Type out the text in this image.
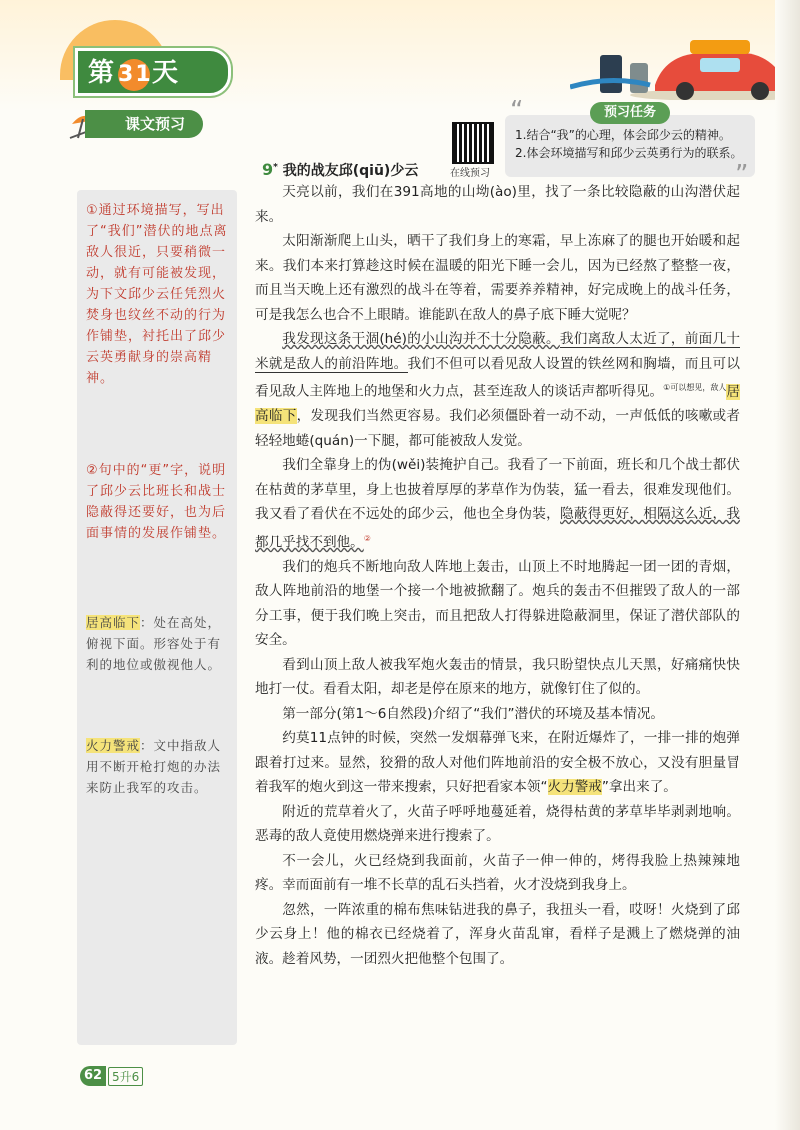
第31天
课文预习
在线预习
“
”
预习任务
1.结合“我”的心理，体会邱少云的精神。
2.体会环境描写和邱少云英勇行为的联系。
9* 我的战友邱(qiū)少云
①通过环境描写，写出了“我们”潜伏的地点离敌人很近，只要稍微一动，就有可能被发现，为下文邱少云任凭烈火焚身也纹丝不动的行为作铺垫，衬托出了邱少云英勇献身的崇高精神。
②句中的“更”字，说明了邱少云比班长和战士隐蔽得还要好，也为后面事情的发展作铺垫。
居高临下：处在高处，俯视下面。形容处于有利的地位或傲视他人。
火力警戒：文中指敌人用不断开枪打炮的办法来防止我军的攻击。

天亮以前，我们在391高地的山坳(ào)里，找了一条比较隐蔽的山沟潜伏起来。

太阳渐渐爬上山头，晒干了我们身上的寒霜，早上冻麻了的腿也开始暖和起来。我们本来打算趁这时候在温暖的阳光下睡一会儿，因为已经熬了整整一夜，而且当天晚上还有激烈的战斗在等着，需要养养精神，好完成晚上的战斗任务，可是我怎么也合不上眼睛。谁能趴在敌人的鼻子底下睡大觉呢？

我发现这条干涸(hé)的小山沟并不十分隐蔽。我们离敌人太近了，前面几十米就是敌人的前沿阵地。我们不但可以看见敌人设置的铁丝网和胸墙，而且可以看见敌人主阵地上的地堡和火力点，甚至连敌人的谈话声都听得见。$^{①可以想见,敌人}$居高临下，发现我们当然更容易。我们必须僵卧着一动不动，一声低低的咳嗽或者轻轻地蜷(quán)一下腿，都可能被敌人发觉。

我们全靠身上的伪(wěi)装掩护自己。我看了一下前面，班长和几个战士都伏在枯黄的茅草里，身上也披着厚厚的茅草作为伪装，猛一看去，很难发现他们。我又看了看伏在不远处的邱少云，他也全身伪装，隐蔽得更好，相隔这么近，我都几乎找不到他。②

我们的炮兵不断地向敌人阵地上轰击，山顶上不时地腾起一团一团的青烟，敌人阵地前沿的地堡一个接一个地被掀翻了。炮兵的轰击不但摧毁了敌人的一部分工事，便于我们晚上突击，而且把敌人打得躲进隐蔽洞里，保证了潜伏部队的安全。

看到山顶上敌人被我军炮火轰击的情景，我只盼望快点儿天黑，好痛痛快快地打一仗。看看太阳，却老是停在原来的地方，就像钉住了似的。

第一部分(第1～6自然段)介绍了“我们”潜伏的环境及基本情况。

约莫11点钟的时候，突然一发烟幕弹飞来，在附近爆炸了，一排一排的炮弹跟着打过来。显然，狡猾的敌人对他们阵地前沿的安全极不放心，又没有胆量冒着我军的炮火到这一带来搜索，只好把看家本领“火力警戒”拿出来了。

附近的荒草着火了，火苗子呼呼地蔓延着，烧得枯黄的茅草毕毕剥剥地响。恶毒的敌人竟使用燃烧弹来进行搜索了。

不一会儿，火已经烧到我面前，火苗子一伸一伸的，烤得我脸上热辣辣地疼。幸而面前有一堆不长草的乱石头挡着，火才没烧到我身上。

忽然，一阵浓重的棉布焦味钻进我的鼻子，我扭头一看，哎呀！火烧到了邱少云身上！他的棉衣已经烧着了，浑身火苗乱窜，看样子是溅上了燃烧弹的油液。趁着风势，一团烈火把他整个包围了。

62 5升6
